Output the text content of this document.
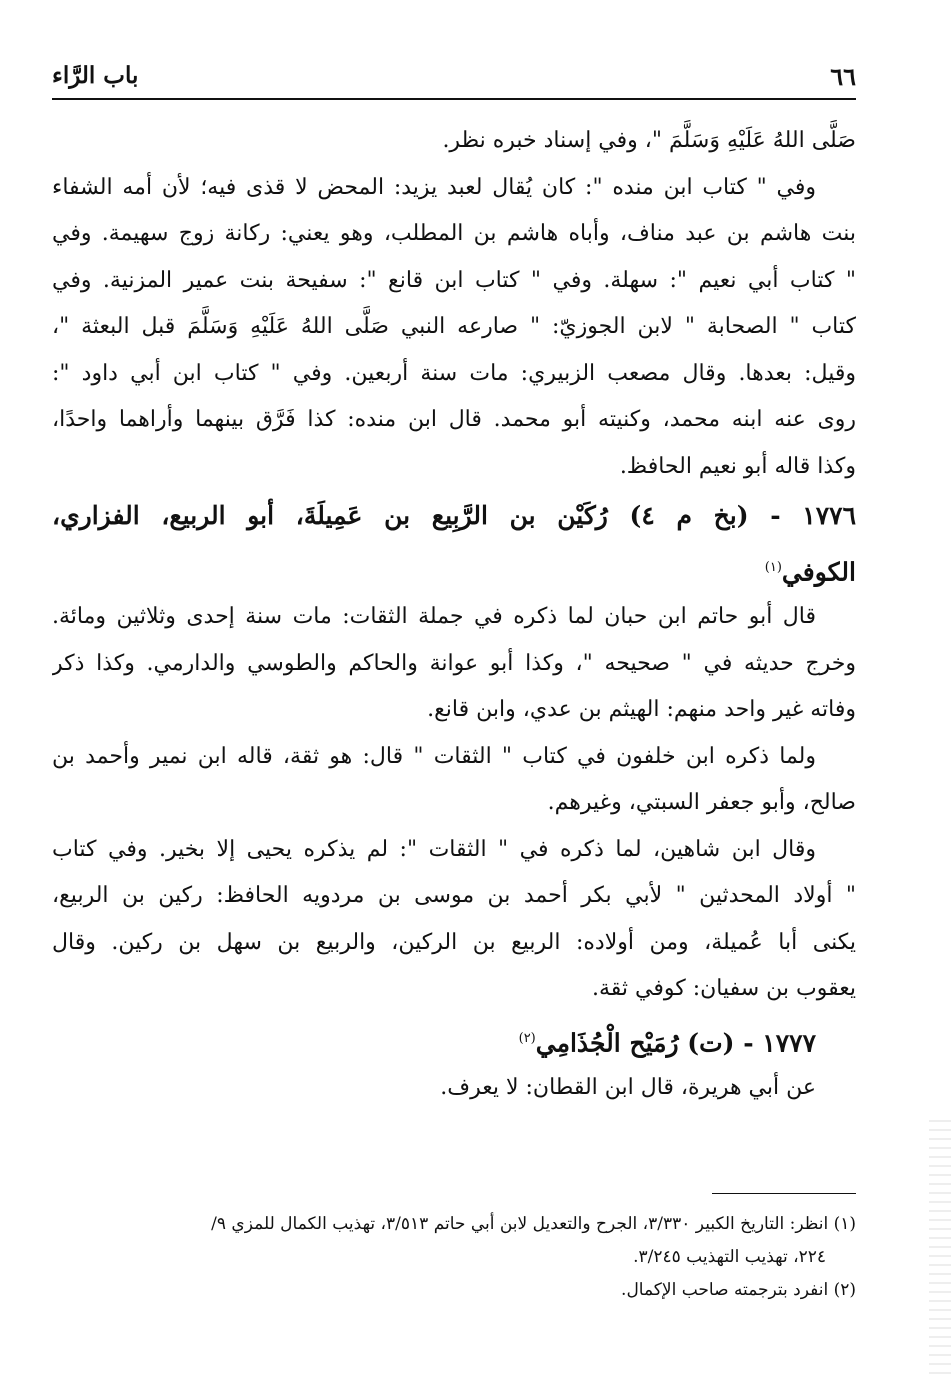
٦٦
باب الرَّاء
صَلَّى اللهُ عَلَيْهِ وَسَلَّمَ "، وفي إسناد خبره نظر.
وفي " كتاب ابن منده ": كان يُقال لعبد يزيد: المحض لا قذى فيه؛ لأن أمه الشفاء
بنت هاشم بن عبد مناف، وأباه هاشم بن المطلب، وهو يعني: ركانة زوج سهيمة. وفي
" كتاب أبي نعيم ": سهلة. وفي " كتاب ابن قانع ": سفيحة بنت عمير المزنية. وفي
كتاب " الصحابة " لابن الجوزيّ: " صارعه النبي صَلَّى اللهُ عَلَيْهِ وَسَلَّمَ قبل البعثة "،
وقيل: بعدها. وقال مصعب الزبيري: مات سنة أربعين. وفي " كتاب ابن أبي داود ":
روى عنه ابنه محمد، وكنيته أبو محمد. قال ابن منده: كذا فَرَّق بينهما وأراهما واحدًا،
وكذا قاله أبو نعيم الحافظ.
١٧٧٦ - (بخ م ٤) رُكَيْن بن الرَّبِيع بن عَمِيلَةَ، أبو الربيع، الفزاري،
الكوفي$^{(١)}$
قال أبو حاتم ابن حبان لما ذكره في جملة الثقات: مات سنة إحدى وثلاثين ومائة.
وخرج حديثه في " صحيحه "، وكذا أبو عوانة والحاكم والطوسي والدارمي. وكذا ذكر
وفاته غير واحد منهم: الهيثم بن عدي، وابن قانع.
ولما ذكره ابن خلفون في كتاب " الثقات " قال: هو ثقة، قاله ابن نمير وأحمد بن
صالح، وأبو جعفر السبتي، وغيرهم.
وقال ابن شاهين، لما ذكره في " الثقات ": لم يذكره يحيى إلا بخير. وفي كتاب
" أولاد المحدثين " لأبي بكر أحمد بن موسى بن مردويه الحافظ: ركين بن الربيع،
يكنى أبا عُميلة، ومن أولاده: الربيع بن الركين، والربيع بن سهل بن ركين. وقال
يعقوب بن سفيان: كوفي ثقة.
١٧٧٧ - (ت) رُمَيْح الْجُذَامِي$^{(٢)}$
عن أبي هريرة، قال ابن القطان: لا يعرف.
(١) انظر: التاريخ الكبير ٣/٣٣٠، الجرح والتعديل لابن أبي حاتم ٣/٥١٣، تهذيب الكمال للمزي ٩/
٢٢٤، تهذيب التهذيب ٣/٢٤٥.
(٢) انفرد بترجمته صاحب الإكمال.
